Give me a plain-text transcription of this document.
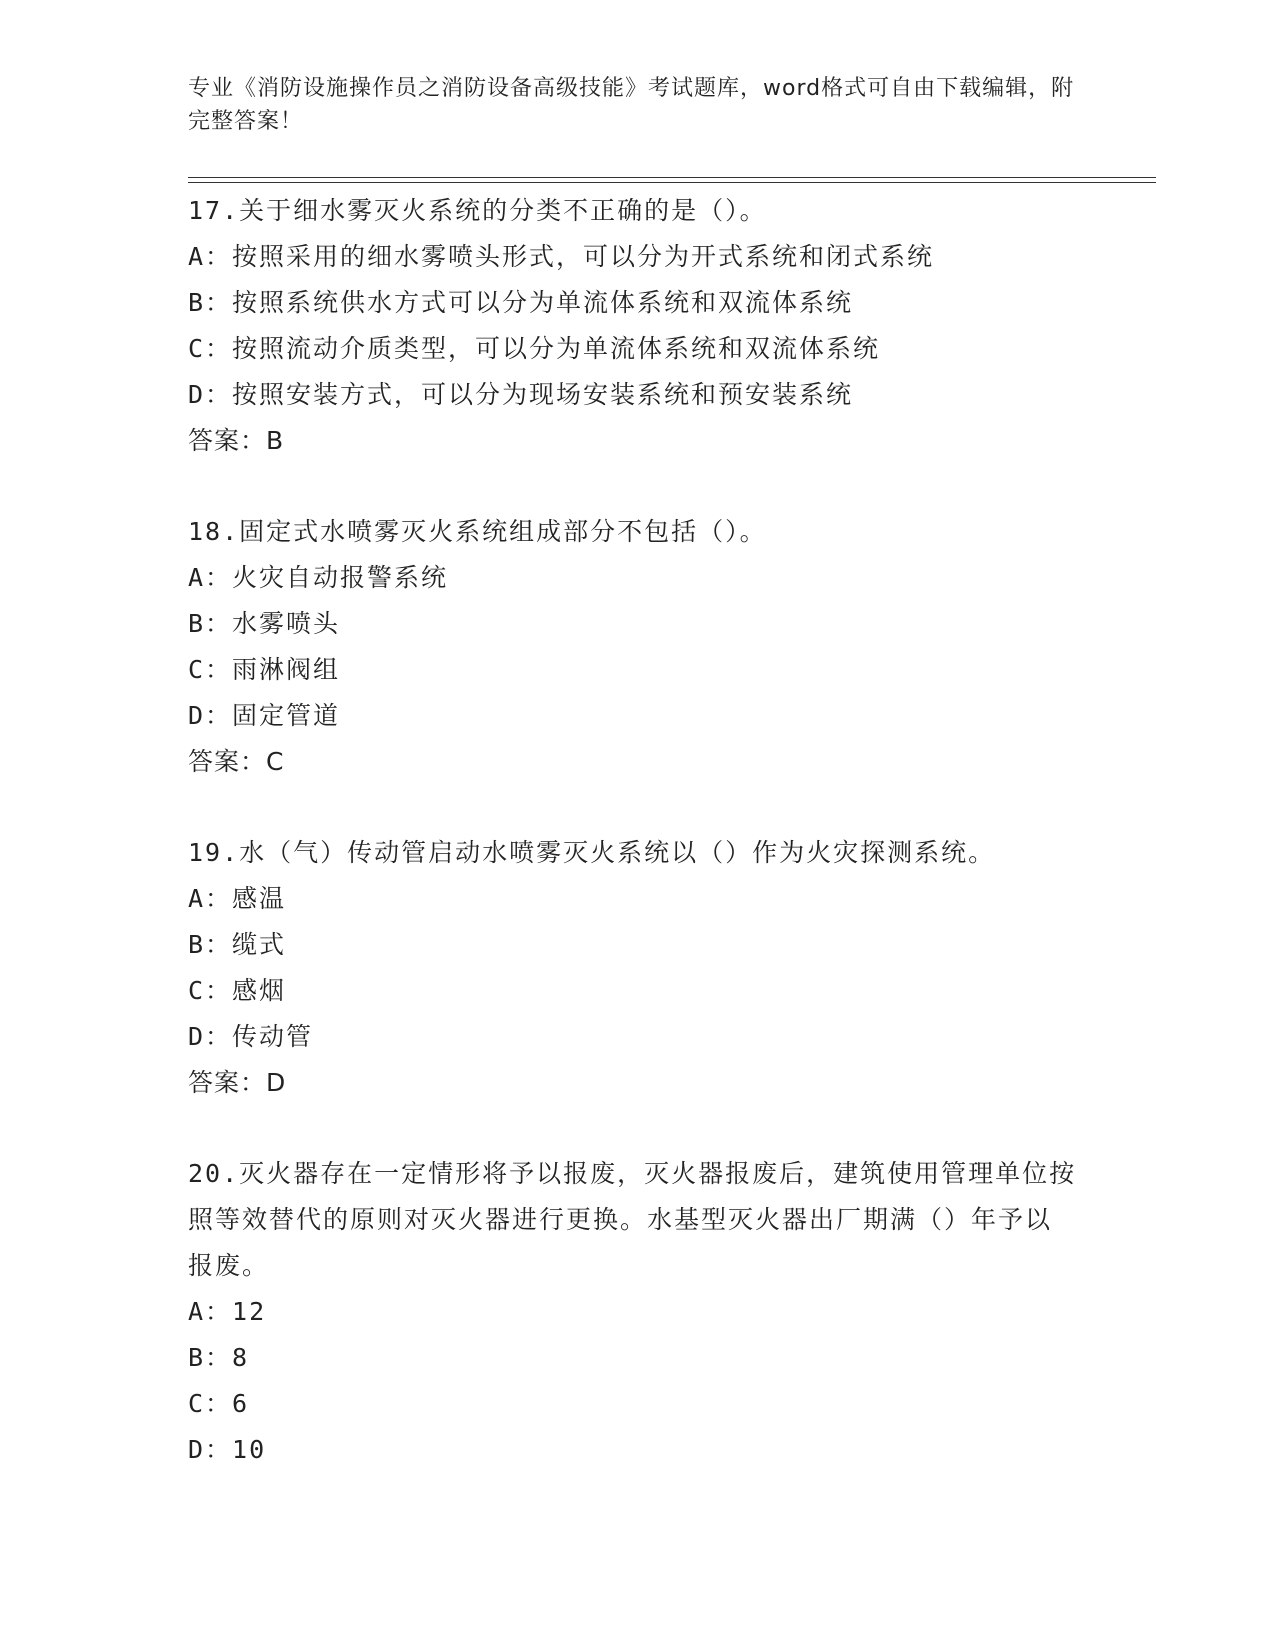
专业《消防设施操作员之消防设备高级技能》考试题库，word格式可自由下载编辑，附完整答案！
17.关于细水雾灭火系统的分类不正确的是（）。
A：按照采用的细水雾喷头形式，可以分为开式系统和闭式系统
B：按照系统供水方式可以分为单流体系统和双流体系统
C：按照流动介质类型，可以分为单流体系统和双流体系统
D：按照安装方式，可以分为现场安装系统和预安装系统
答案：B
18.固定式水喷雾灭火系统组成部分不包括（）。
A：火灾自动报警系统
B：水雾喷头
C：雨淋阀组
D：固定管道
答案：C
19.水（气）传动管启动水喷雾灭火系统以（）作为火灾探测系统。
A：感温
B：缆式
C：感烟
D：传动管
答案：D
20.灭火器存在一定情形将予以报废，灭火器报废后，建筑使用管理单位按照等效替代的原则对灭火器进行更换。水基型灭火器出厂期满（）年予以报废。
A：12
B：8
C：6
D：10
